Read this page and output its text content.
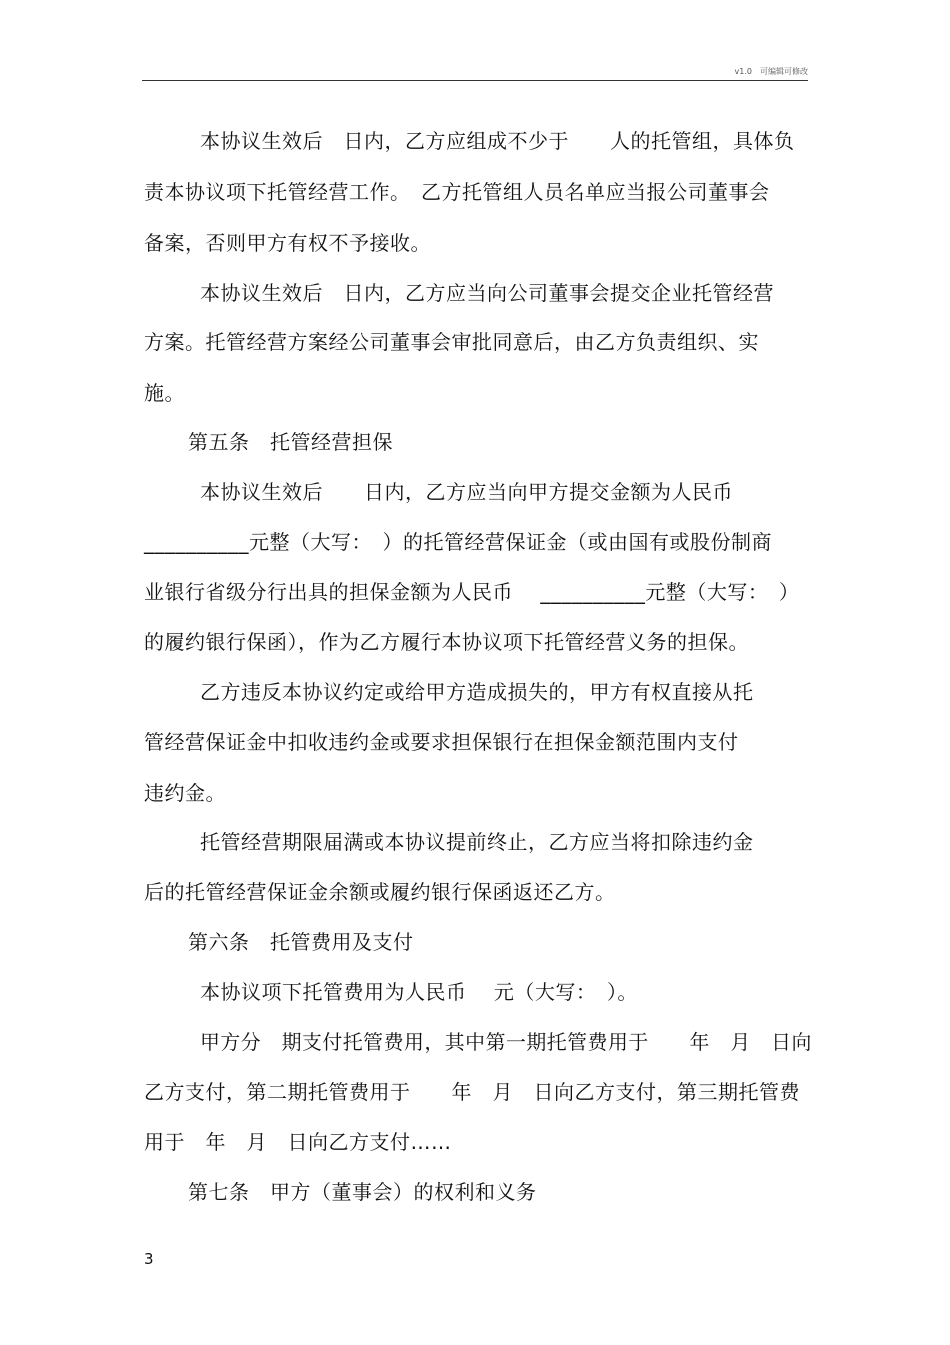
v1.0　可编辑可修改
本协议生效后　日内，乙方应组成不少于　　人的托管组，具体负
责本协议项下托管经营工作。　乙方托管组人员名单应当报公司董事会
备案，否则甲方有权不予接收。
本协议生效后　日内，乙方应当向公司董事会提交企业托管经营
方案。托管经营方案经公司董事会审批同意后，由乙方负责组织、实
施。
第五条　托管经营担保
本协议生效后　　日内，乙方应当向甲方提交金额为人民币
__________元整（大写：　）的托管经营保证金（或由国有或股份制商
业银行省级分行出具的担保金额为人民币　 __________元整（大写：　）
的履约银行保函），作为乙方履行本协议项下托管经营义务的担保。
乙方违反本协议约定或给甲方造成损失的，甲方有权直接从托
管经营保证金中扣收违约金或要求担保银行在担保金额范围内支付
违约金。
托管经营期限届满或本协议提前终止，乙方应当将扣除违约金
后的托管经营保证金余额或履约银行保函返还乙方。
第六条　托管费用及支付
本协议项下托管费用为人民币　 元（大写：　）。
甲方分　期支付托管费用，其中第一期托管费用于　　年　月　日向
乙方支付，第二期托管费用于　　年　月　日向乙方支付，第三期托管费
用于　年　月　日向乙方支付……
第七条　甲方（董事会）的权利和义务
3
